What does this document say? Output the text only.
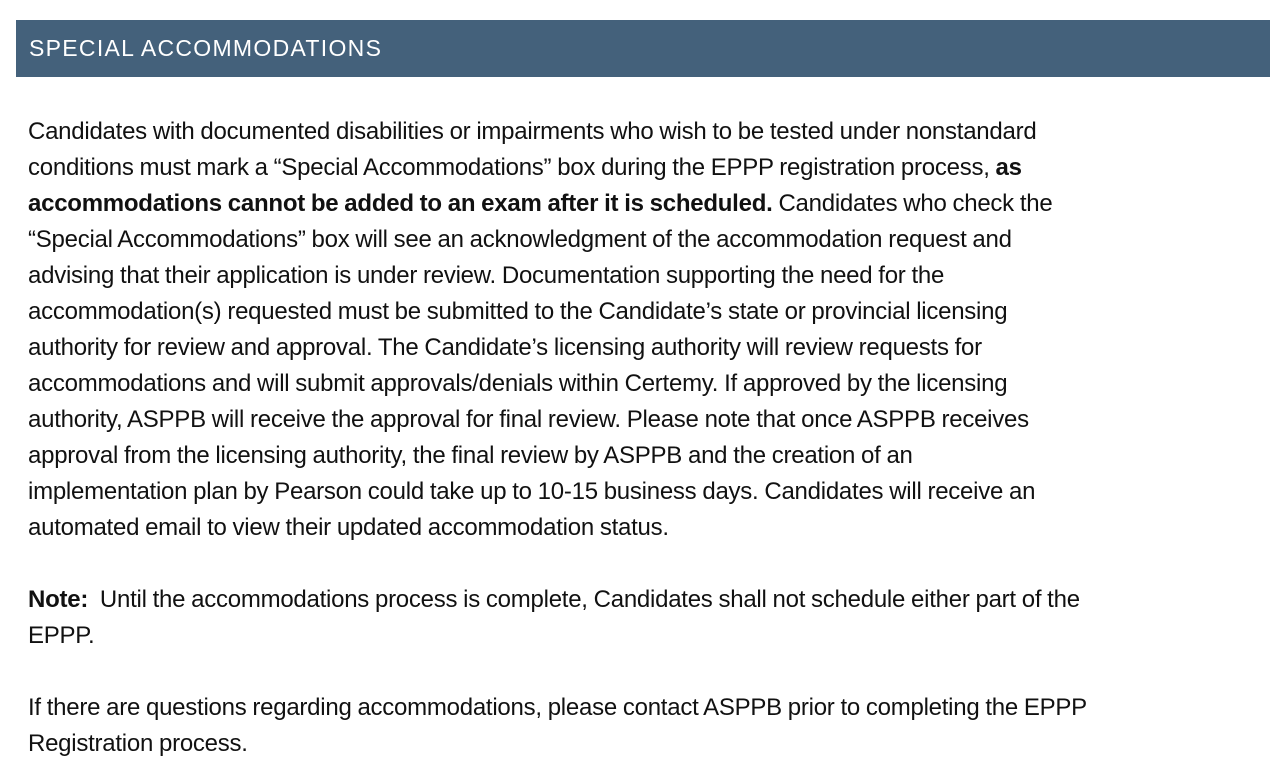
SPECIAL ACCOMMODATIONS

Candidates with documented disabilities or impairments who wish to be tested under nonstandard
conditions must mark a “Special Accommodations” box during the EPPP registration process, as
accommodations cannot be added to an exam after it is scheduled. Candidates who check the
“Special Accommodations” box will see an acknowledgment of the accommodation request and
advising that their application is under review. Documentation supporting the need for the
accommodation(s) requested must be submitted to the Candidate’s state or provincial licensing
authority for review and approval. The Candidate’s licensing authority will review requests for
accommodations and will submit approvals/denials within Certemy. If approved by the licensing
authority, ASPPB will receive the approval for final review. Please note that once ASPPB receives
approval from the licensing authority, the final review by ASPPB and the creation of an
implementation plan by Pearson could take up to 10-15 business days. Candidates will receive an
automated email to view their updated accommodation status.

Note: Until the accommodations process is complete, Candidates shall not schedule either part of the
EPPP.

If there are questions regarding accommodations, please contact ASPPB prior to completing the EPPP
Registration process.
